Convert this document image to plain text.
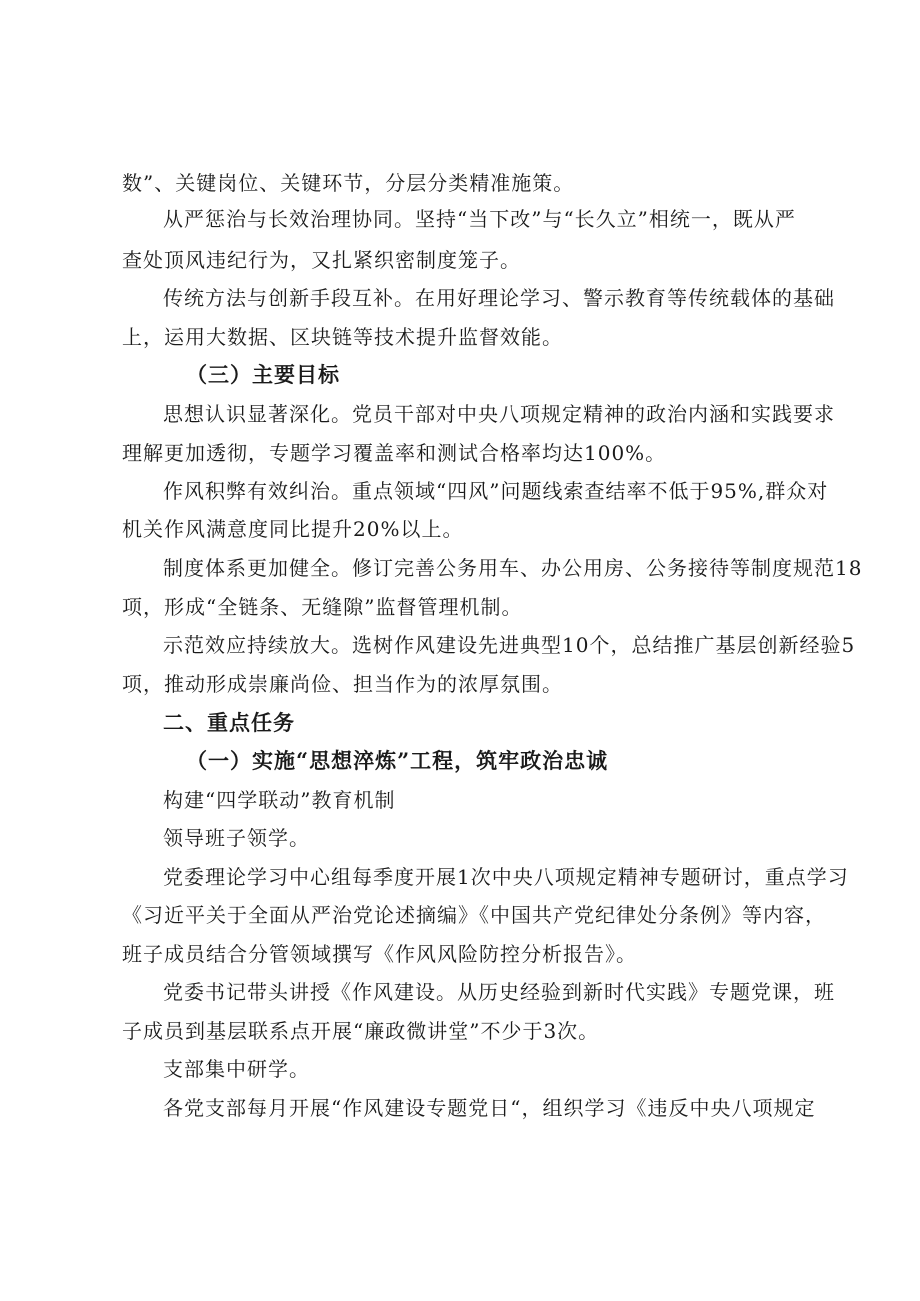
数”、关键岗位、关键环节，分层分类精准施策。
从严惩治与长效治理协同。坚持“当下改”与“长久立”相统一，既从严
查处顶风违纪行为，又扎紧织密制度笼子。
传统方法与创新手段互补。在用好理论学习、警示教育等传统载体的基础
上，运用大数据、区块链等技术提升监督效能。
（三）主要目标
思想认识显著深化。党员干部对中央八项规定精神的政治内涵和实践要求
理解更加透彻，专题学习覆盖率和测试合格率均达100%。
作风积弊有效纠治。重点领域“四风”问题线索查结率不低于95%,群众对
机关作风满意度同比提升20%以上。
制度体系更加健全。修订完善公务用车、办公用房、公务接待等制度规范18
项，形成“全链条、无缝隙”监督管理机制。
示范效应持续放大。选树作风建设先进典型10个，总结推广基层创新经验5
项，推动形成崇廉尚俭、担当作为的浓厚氛围。
二、重点任务
（一）实施“思想淬炼”工程，筑牢政治忠诚
构建“四学联动”教育机制
领导班子领学。
党委理论学习中心组每季度开展1次中央八项规定精神专题研讨，重点学习
《习近平关于全面从严治党论述摘编》《中国共产党纪律处分条例》等内容，
班子成员结合分管领域撰写《作风风险防控分析报告》。
党委书记带头讲授《作风建设。从历史经验到新时代实践》专题党课，班
子成员到基层联系点开展“廉政微讲堂”不少于3次。
支部集中研学。
各党支部每月开展“作风建设专题党日“，组织学习《违反中央八项规定
